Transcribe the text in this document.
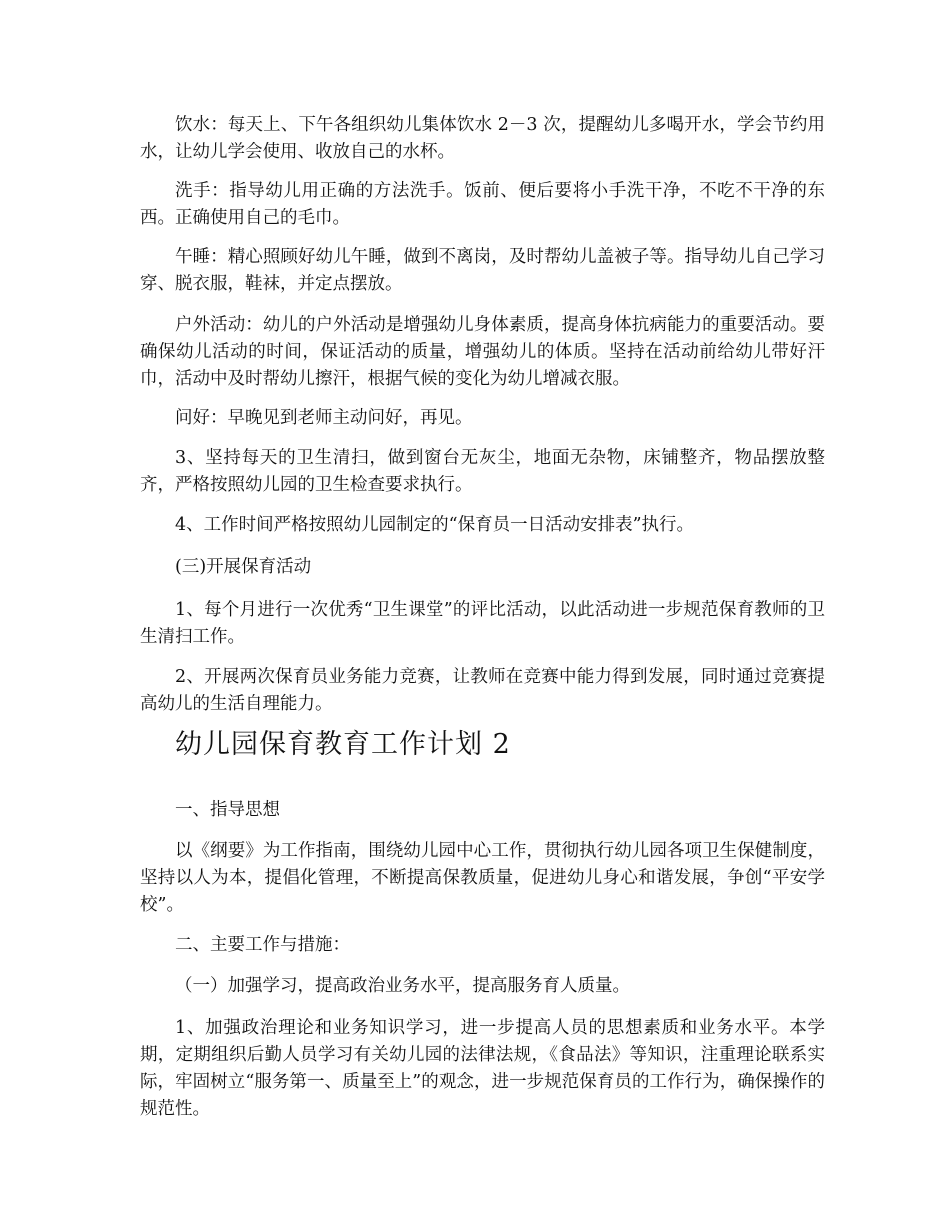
饮水：每天上、下午各组织幼儿集体饮水 2－3 次，提醒幼儿多喝开水，学会节约用水，让幼儿学会使用、收放自己的水杯。

洗手：指导幼儿用正确的方法洗手。饭前、便后要将小手洗干净，不吃不干净的东西。正确使用自己的毛巾。

午睡：精心照顾好幼儿午睡，做到不离岗，及时帮幼儿盖被子等。指导幼儿自己学习穿、脱衣服，鞋袜，并定点摆放。

户外活动：幼儿的户外活动是增强幼儿身体素质，提高身体抗病能力的重要活动。要确保幼儿活动的时间，保证活动的质量，增强幼儿的体质。坚持在活动前给幼儿带好汗巾，活动中及时帮幼儿擦汗，根据气候的变化为幼儿增减衣服。

问好：早晚见到老师主动问好，再见。

3、坚持每天的卫生清扫，做到窗台无灰尘，地面无杂物，床铺整齐，物品摆放整齐，严格按照幼儿园的卫生检查要求执行。

4、工作时间严格按照幼儿园制定的“保育员一日活动安排表”执行。

(三)开展保育活动

1、每个月进行一次优秀“卫生课堂”的评比活动，以此活动进一步规范保育教师的卫生清扫工作。

2、开展两次保育员业务能力竞赛，让教师在竞赛中能力得到发展，同时通过竞赛提高幼儿的生活自理能力。

幼儿园保育教育工作计划 2

一、指导思想

以《纲要》为工作指南，围绕幼儿园中心工作，贯彻执行幼儿园各项卫生保健制度，坚持以人为本，提倡化管理，不断提高保教质量，促进幼儿身心和谐发展，争创“平安学校”。

二、主要工作与措施：

（一）加强学习，提高政治业务水平，提高服务育人质量。

1、加强政治理论和业务知识学习，进一步提高人员的思想素质和业务水平。本学期，定期组织后勤人员学习有关幼儿园的法律法规，《食品法》等知识，注重理论联系实际，牢固树立“服务第一、质量至上”的观念，进一步规范保育员的工作行为，确保操作的规范性。
